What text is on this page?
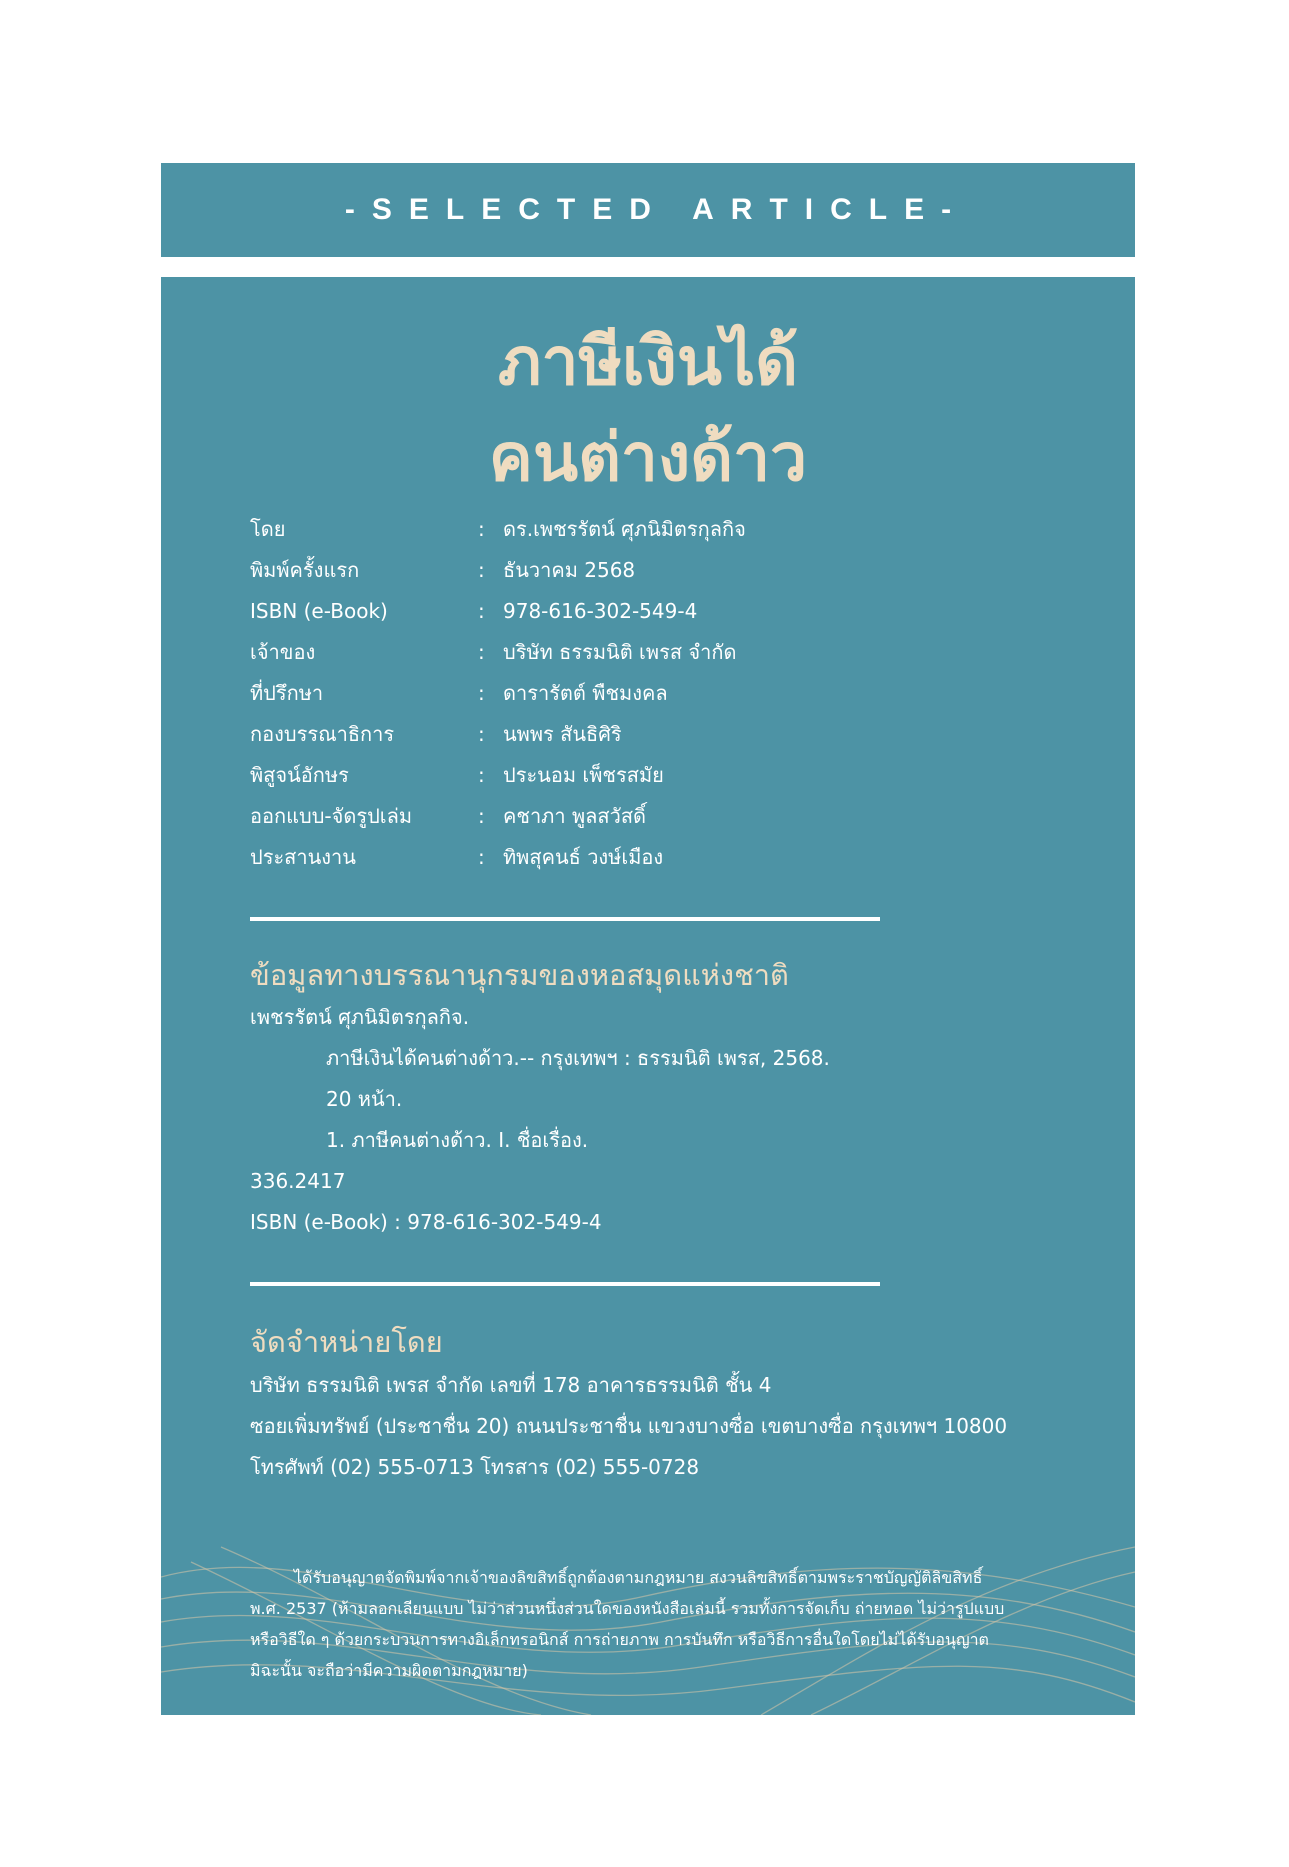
-SELECTED ARTICLE-
ภาษีเงินได้
คนต่างด้าว
โดย	: ดร.เพชรรัตน์ ศุภนิมิตรกุลกิจ
พิมพ์ครั้งแรก	: ธันวาคม 2568
ISBN (e-Book)	: 978-616-302-549-4
เจ้าของ	: บริษัท ธรรมนิติ เพรส จำกัด
ที่ปรึกษา	: ดารารัตต์ พืชมงคล
กองบรรณาธิการ	: นพพร สันธิศิริ
พิสูจน์อักษร	: ประนอม เพ็ชรสมัย
ออกแบบ-จัดรูปเล่ม	: คชาภา พูลสวัสดิ์
ประสานงาน	: ทิพสุคนธ์ วงษ์เมือง
ข้อมูลทางบรรณานุกรมของหอสมุดแห่งชาติ
เพชรรัตน์ ศุภนิมิตรกุลกิจ.
ภาษีเงินได้คนต่างด้าว.-- กรุงเทพฯ : ธรรมนิติ เพรส, 2568.
20 หน้า.
1. ภาษีคนต่างด้าว. I. ชื่อเรื่อง.
336.2417
ISBN (e-Book) : 978-616-302-549-4
จัดจำหน่ายโดย
บริษัท ธรรมนิติ เพรส จำกัด เลขที่ 178 อาคารธรรมนิติ ชั้น 4
ซอยเพิ่มทรัพย์ (ประชาชื่น 20) ถนนประชาชื่น แขวงบางซื่อ เขตบางซื่อ กรุงเทพฯ 10800
โทรศัพท์ (02) 555-0713 โทรสาร (02) 555-0728
ได้รับอนุญาตจัดพิมพ์จากเจ้าของลิขสิทธิ์ถูกต้องตามกฎหมาย สงวนลิขสิทธิ์ตามพระราชบัญญัติลิขสิทธิ์
พ.ศ. 2537 (ห้ามลอกเลียนแบบ ไม่ว่าส่วนหนึ่งส่วนใดของหนังสือเล่มนี้ รวมทั้งการจัดเก็บ ถ่ายทอด ไม่ว่ารูปแบบ
หรือวิธีใด ๆ ด้วยกระบวนการทางอิเล็กทรอนิกส์ การถ่ายภาพ การบันทึก หรือวิธีการอื่นใดโดยไม่ได้รับอนุญาต
มิฉะนั้น จะถือว่ามีความผิดตามกฎหมาย)
